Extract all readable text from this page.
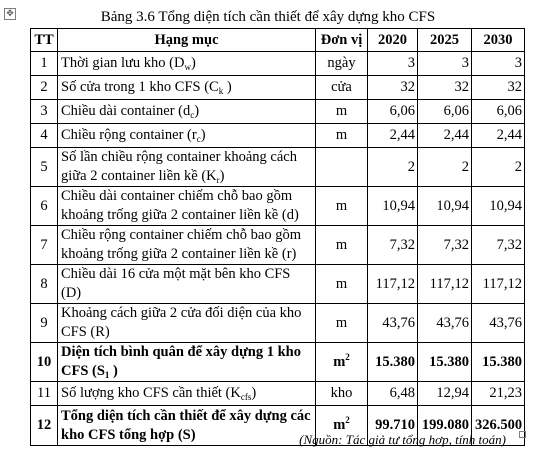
✥	Bảng 3.6 Tổng diện tích cần thiết để xây dựng kho CFS
TT	Hạng mục	Đơn vị	2020	2025	2030
1	Thời gian lưu kho $(D_w)$	ngày	3	3	3
2	Số cửa trong 1 kho CFS ($C_k$ )	cửa	32	32	32
3	Chiều dài container $(d_c)$	m	6,06	6,06	6,06
4	Chiều rộng container $(r_c)$	m	2,44	2,44	2,44
5	Số lần chiều rộng container khoảng cách giữa 2 container liền kề $(K_r)$		2	2	2
6	Chiều dài container chiếm chỗ bao gồm khoảng trống giữa 2 container liền kề (d)	m	10,94	10,94	10,94
7	Chiều rộng container chiếm chỗ bao gồm khoảng trống giữa 2 container liền kề (r)	m	7,32	7,32	7,32
8	Chiều dài 16 cửa một mặt bên kho CFS (D)	m	117,12	117,12	117,12
9	Khoảng cách giữa 2 cửa đối diện của kho CFS (R)	m	43,76	43,76	43,76
10	Diện tích bình quân để xây dựng 1 kho CFS ($S_1$ )	$m^2$	15.380	15.380	15.380
11	Số lượng kho CFS cần thiết $(K_{cfs})$	kho	6,48	12,94	21,23
12	Tổng diện tích cần thiết để xây dựng các kho CFS tổng hợp (S)	$m^2$	99.710	199.080	326.500
(Nguồn: Tác giả tự tổng hợp, tính toán)
